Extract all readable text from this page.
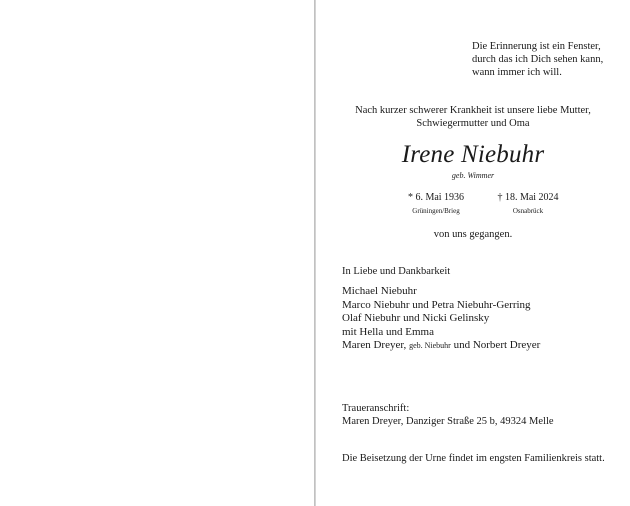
Die Erinnerung ist ein Fenster,
durch das ich Dich sehen kann,
wann immer ich will.
Nach kurzer schwerer Krankheit ist unsere liebe Mutter,
Schwiegermutter und Oma
Irene Niebuhr
geb. Wimmer
* 6. Mai 1936
Grüningen/Brieg
† 18. Mai 2024
Osnabrück
von uns gegangen.
In Liebe und Dankbarkeit
Michael Niebuhr
Marco Niebuhr und Petra Niebuhr-Gerring
Olaf Niebuhr und Nicki Gelinsky
mit Hella und Emma
Maren Dreyer, geb. Niebuhr und Norbert Dreyer
Traueranschrift:
Maren Dreyer, Danziger Straße 25 b, 49324 Melle
Die Beisetzung der Urne findet im engsten Familienkreis statt.
